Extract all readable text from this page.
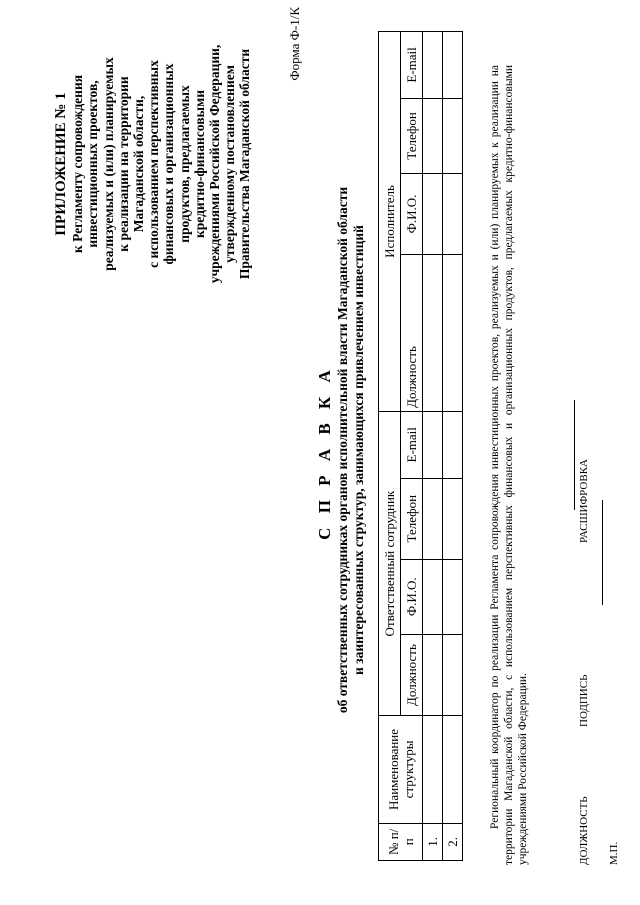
ПРИЛОЖЕНИЕ № 1 к Регламенту сопровождения инвестиционных проектов, реализуемых и (или) планируемых к реализации на территории Магаданской области, с использованием перспективных финансовых и организационных продуктов, предлагаемых кредитно-финансовыми учреждениями Российской Федерации, утвержденному постановлением Правительства Магаданской области
Форма Ф-1/К
С П Р А В К А об ответственных сотрудниках органов исполнительной власти Магаданской области и заинтересованных структур, занимающихся привлечением инвестиций
№ п/п	Наименование структуры	Ответственный сотрудник				Исполнитель			

		Должность	Ф.И.О.	Телефон	E-mail	Должность	Ф.И.О.	Телефон	E-mail
1.									
2.									
Региональный координатор по реализации Регламента сопровождения инвестиционных проектов, реализуемых и (или) планируемых к реализации на территории Магаданской области, с использованием перспективных финансовых и организационных продуктов, предлагаемых кредитно-финансовыми учреждениями Российской Федерации.	ДОЛЖНОСТЬ
ПОДПИСЬ
РАСШИФРОВКА
М.П.
